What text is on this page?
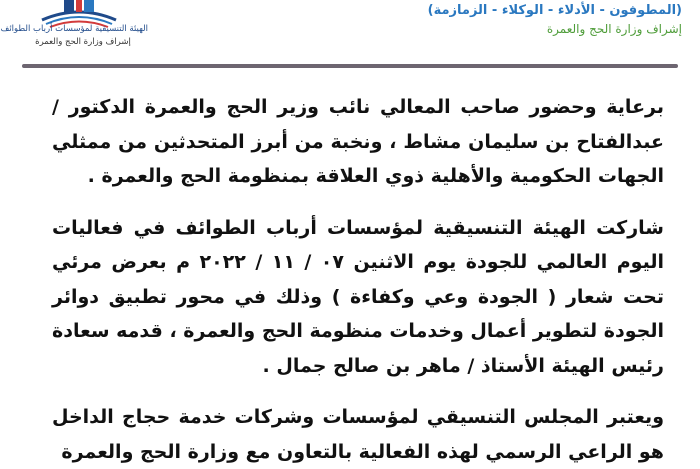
الهيئة التنسيقية لمؤسسات أرباب الطوائف
إشراف وزارة الحج والعمرة
(المطوفون - الأدلاء - الوكلاء - الزمازمة)
إشراف وزارة الحج والعمرة

برعاية وحضور صاحب المعالي نائب وزير الحج والعمرة الدكتور / عبدالفتاح بن سليمان مشاط ، ونخبة من أبرز المتحدثين من ممثلي الجهات الحكومية والأهلية ذوي العلاقة بمنظومة الحج والعمرة .

شاركت الهيئة التنسيقية لمؤسسات أرباب الطوائف في فعاليات اليوم العالمي للجودة يوم الاثنين ٠٧ / ١١ / ٢٠٢٢ م بعرض مرئي تحت شعار ( الجودة وعي وكفاءة ) وذلك في محور تطبيق دوائر الجودة لتطوير أعمال وخدمات منظومة الحج والعمرة ، قدمه سعادة رئيس الهيئة الأستاذ / ماهر بن صالح جمال .

ويعتبر المجلس التنسيقي لمؤسسات وشركات خدمة حجاج الداخل هو الراعي الرسمي لهذه الفعالية بالتعاون مع وزارة الحج والعمرة
